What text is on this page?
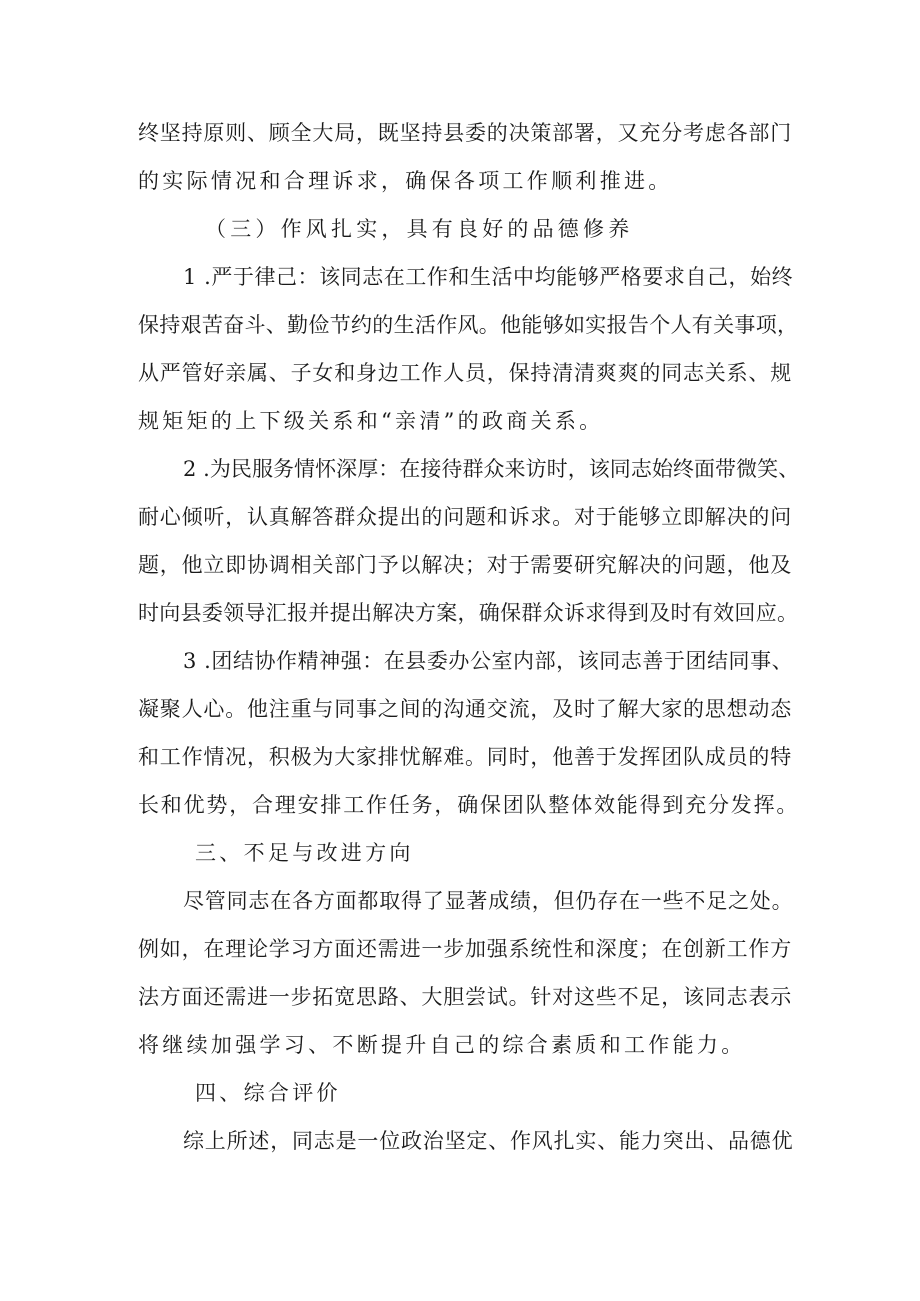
终坚持原则、顾全大局，既坚持县委的决策部署，又充分考虑各部门
的实际情况和合理诉求，确保各项工作顺利推进。
（三）作风扎实，具有良好的品德修养
1 .严于律己：该同志在工作和生活中均能够严格要求自己，始终
保持艰苦奋斗、勤俭节约的生活作风。他能够如实报告个人有关事项，
从严管好亲属、子女和身边工作人员，保持清清爽爽的同志关系、规
规矩矩的上下级关系和“亲清”的政商关系。
2 .为民服务情怀深厚：在接待群众来访时，该同志始终面带微笑、
耐心倾听，认真解答群众提出的问题和诉求。对于能够立即解决的问
题，他立即协调相关部门予以解决；对于需要研究解决的问题，他及
时向县委领导汇报并提出解决方案，确保群众诉求得到及时有效回应。
3 .团结协作精神强：在县委办公室内部，该同志善于团结同事、
凝聚人心。他注重与同事之间的沟通交流，及时了解大家的思想动态
和工作情况，积极为大家排忧解难。同时，他善于发挥团队成员的特
长和优势，合理安排工作任务，确保团队整体效能得到充分发挥。
三、不足与改进方向
尽管同志在各方面都取得了显著成绩，但仍存在一些不足之处。
例如，在理论学习方面还需进一步加强系统性和深度；在创新工作方
法方面还需进一步拓宽思路、大胆尝试。针对这些不足，该同志表示
将继续加强学习、不断提升自己的综合素质和工作能力。
四、综合评价
综上所述，同志是一位政治坚定、作风扎实、能力突出、品德优
